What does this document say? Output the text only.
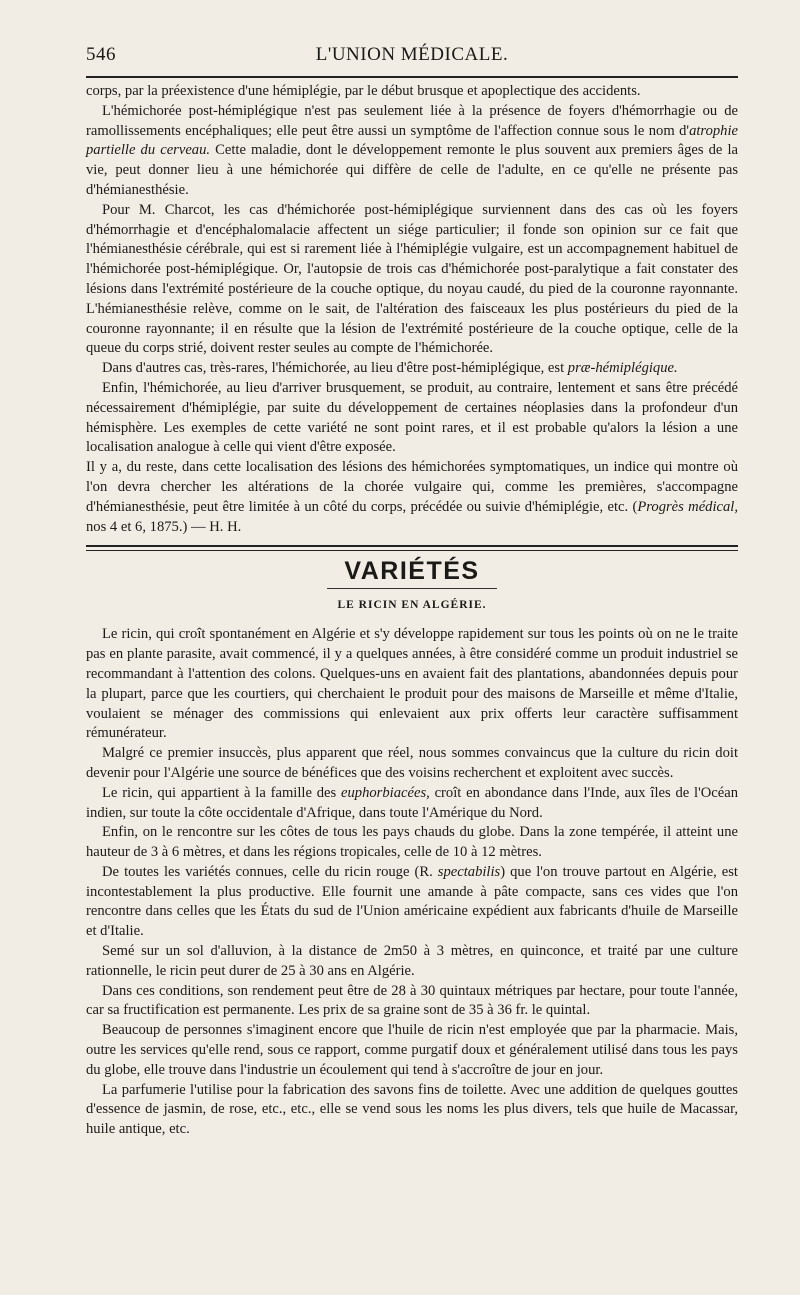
546	L'UNION MÉDICALE.

corps, par la préexistence d'une hémiplégie, par le début brusque et apoplectique des accidents.

L'hémichorée post-hémiplégique n'est pas seulement liée à la présence de foyers d'hémorrhagie ou de ramollissements encéphaliques; elle peut être aussi un symptôme de l'affection connue sous le nom d'atrophie partielle du cerveau. Cette maladie, dont le développement remonte le plus souvent aux premiers âges de la vie, peut donner lieu à une hémichorée qui diffère de celle de l'adulte, en ce qu'elle ne présente pas d'hémianesthésie.

Pour M. Charcot, les cas d'hémichorée post-hémiplégique surviennent dans des cas où les foyers d'hémorrhagie et d'encéphalomalacie affectent un siége particulier; il fonde son opinion sur ce fait que l'hémianesthésie cérébrale, qui est si rarement liée à l'hémiplégie vulgaire, est un accompagnement habituel de l'hémichorée post-hémiplégique. Or, l'autopsie de trois cas d'hémichorée post-paralytique a fait constater des lésions dans l'extrémité postérieure de la couche optique, du noyau caudé, du pied de la couronne rayonnante. L'hémianesthésie relève, comme on le sait, de l'altération des faisceaux les plus postérieurs du pied de la couronne rayonnante; il en résulte que la lésion de l'extrémité postérieure de la couche optique, celle de la queue du corps strié, doivent rester seules au compte de l'hémichorée.

Dans d'autres cas, très-rares, l'hémichorée, au lieu d'être post-hémiplégique, est præ-hémiplégique.

Enfin, l'hémichorée, au lieu d'arriver brusquement, se produit, au contraire, lentement et sans être précédé nécessairement d'hémiplégie, par suite du développement de certaines néoplasies dans la profondeur d'un hémisphère. Les exemples de cette variété ne sont point rares, et il est probable qu'alors la lésion a une localisation analogue à celle qui vient d'être exposée.

Il y a, du reste, dans cette localisation des lésions des hémichorées symptomatiques, un indice qui montre où l'on devra chercher les altérations de la chorée vulgaire qui, comme les premières, s'accompagne d'hémianesthésie, peut être limitée à un côté du corps, précédée ou suivie d'hémiplégie, etc. (Progrès médical, nos 4 et 6, 1875.) — H. H.

VARIÉTÉS
LE RICIN EN ALGÉRIE.

Le ricin, qui croît spontanément en Algérie et s'y développe rapidement sur tous les points où on ne le traite pas en plante parasite, avait commencé, il y a quelques années, à être considéré comme un produit industriel se recommandant à l'attention des colons. Quelques-uns en avaient fait des plantations, abandonnées depuis pour la plupart, parce que les courtiers, qui cherchaient le produit pour des maisons de Marseille et même d'Italie, voulaient se ménager des commissions qui enlevaient aux prix offerts leur caractère suffisamment rémunérateur.

Malgré ce premier insuccès, plus apparent que réel, nous sommes convaincus que la culture du ricin doit devenir pour l'Algérie une source de bénéfices que des voisins recherchent et exploitent avec succès.

Le ricin, qui appartient à la famille des euphorbiacées, croît en abondance dans l'Inde, aux îles de l'Océan indien, sur toute la côte occidentale d'Afrique, dans toute l'Amérique du Nord.

Enfin, on le rencontre sur les côtes de tous les pays chauds du globe. Dans la zone tempérée, il atteint une hauteur de 3 à 6 mètres, et dans les régions tropicales, celle de 10 à 12 mètres.

De toutes les variétés connues, celle du ricin rouge (R. spectabilis) que l'on trouve partout en Algérie, est incontestablement la plus productive. Elle fournit une amande à pâte compacte, sans ces vides que l'on rencontre dans celles que les États du sud de l'Union américaine expédient aux fabricants d'huile de Marseille et d'Italie.

Semé sur un sol d'alluvion, à la distance de 2m50 à 3 mètres, en quinconce, et traité par une culture rationnelle, le ricin peut durer de 25 à 30 ans en Algérie.

Dans ces conditions, son rendement peut être de 28 à 30 quintaux métriques par hectare, pour toute l'année, car sa fructification est permanente. Les prix de sa graine sont de 35 à 36 fr. le quintal.

Beaucoup de personnes s'imaginent encore que l'huile de ricin n'est employée que par la pharmacie. Mais, outre les services qu'elle rend, sous ce rapport, comme purgatif doux et généralement utilisé dans tous les pays du globe, elle trouve dans l'industrie un écoulement qui tend à s'accroître de jour en jour.

La parfumerie l'utilise pour la fabrication des savons fins de toilette. Avec une addition de quelques gouttes d'essence de jasmin, de rose, etc., etc., elle se vend sous les noms les plus divers, tels que huile de Macassar, huile antique, etc.
